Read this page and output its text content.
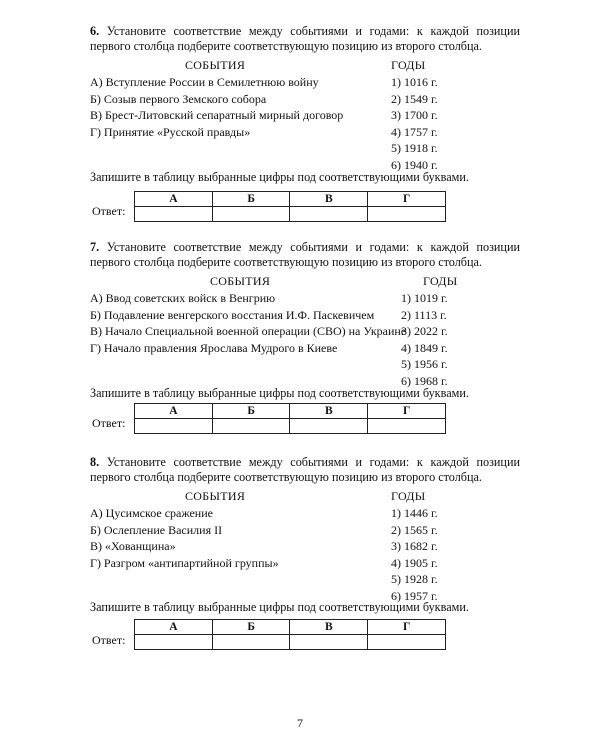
6. Установите соответствие между событиями и годами: к каждой позиции первого столбца подберите соответствующую позицию из второго столбца.

СОБЫТИЯ	ГОДЫ
А) Вступление России в Семилетнюю войну
Б) Созыв первого Земского собора
В) Брест-Литовский сепаратный мирный договор
Г) Принятие «Русской правды»
1) 1016 г.
2) 1549 г.
3) 1700 г.
4) 1757 г.
5) 1918 г.
6) 1940 г.
Запишите в таблицу выбранные цифры под соответствующими буквами.
Ответ:
А	Б	В	Г

7. Установите соответствие между событиями и годами: к каждой позиции первого столбца подберите соответствующую позицию из второго столбца.

СОБЫТИЯ	ГОДЫ
А) Ввод советских войск в Венгрию
Б) Подавление венгерского восстания И.Ф. Паскевичем
В) Начало Специальной военной операции (СВО) на Украине
Г) Начало правления Ярослава Мудрого в Киеве
1) 1019 г.
2) 1113 г.
3) 2022 г.
4) 1849 г.
5) 1956 г.
6) 1968 г.
Запишите в таблицу выбранные цифры под соответствующими буквами.
Ответ:
А	Б	В	Г

8. Установите соответствие между событиями и годами: к каждой позиции первого столбца подберите соответствующую позицию из второго столбца.

СОБЫТИЯ	ГОДЫ
А) Цусимское сражение
Б) Ослепление Василия II
В) «Хованщина»
Г) Разгром «антипартийной группы»
1) 1446 г.
2) 1565 г.
3) 1682 г.
4) 1905 г.
5) 1928 г.
6) 1957 г.
Запишите в таблицу выбранные цифры под соответствующими буквами.
Ответ:
А	Б	В	Г

7
